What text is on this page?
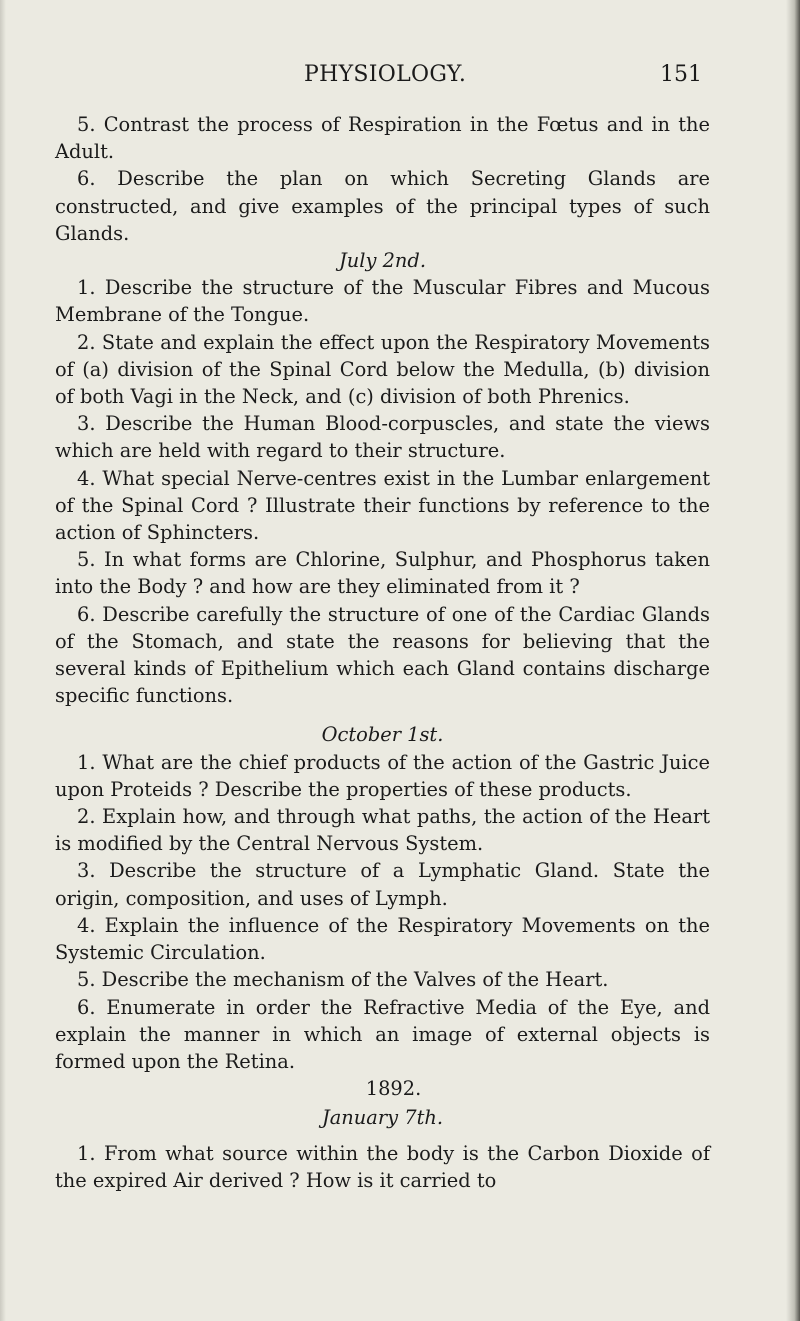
PHYSIOLOGY.	151

5. Contrast the process of Respiration in the Fœtus and in the Adult.

6. Describe the plan on which Secreting Glands are constructed, and give examples of the principal types of such Glands.

July 2nd.

1. Describe the structure of the Muscular Fibres and Mucous Membrane of the Tongue.

2. State and explain the effect upon the Respiratory Movements of (a) division of the Spinal Cord below the Medulla, (b) division of both Vagi in the Neck, and (c) division of both Phrenics.

3. Describe the Human Blood-corpuscles, and state the views which are held with regard to their structure.

4. What special Nerve-centres exist in the Lumbar enlargement of the Spinal Cord ? Illustrate their functions by reference to the action of Sphincters.

5. In what forms are Chlorine, Sulphur, and Phosphorus taken into the Body ? and how are they eliminated from it ?

6. Describe carefully the structure of one of the Cardiac Glands of the Stomach, and state the reasons for believing that the several kinds of Epithelium which each Gland contains discharge specific functions.

October 1st.

1. What are the chief products of the action of the Gastric Juice upon Proteids ? Describe the properties of these products.

2. Explain how, and through what paths, the action of the Heart is modified by the Central Nervous System.

3. Describe the structure of a Lymphatic Gland. State the origin, composition, and uses of Lymph.

4. Explain the influence of the Respiratory Movements on the Systemic Circulation.

5. Describe the mechanism of the Valves of the Heart.

6. Enumerate in order the Refractive Media of the Eye, and explain the manner in which an image of external objects is formed upon the Retina.

1892.

January 7th.

1. From what source within the body is the Carbon Dioxide of the expired Air derived ? How is it carried to
